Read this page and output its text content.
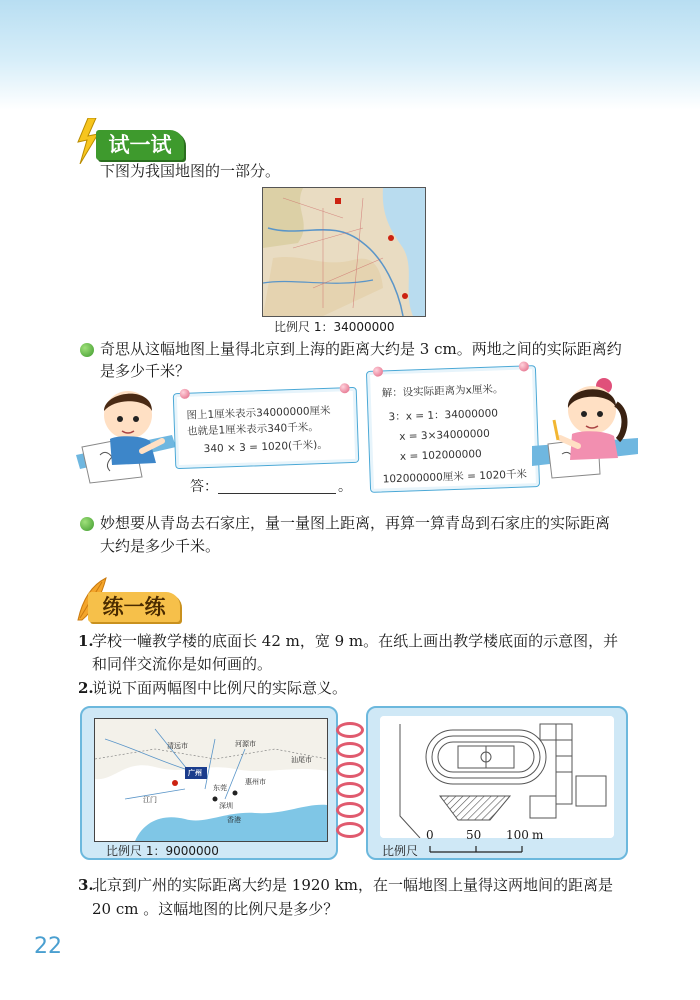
试一试
下图为我国地图的一部分。
比例尺 1：34000000
奇思从这幅地图上量得北京到上海的距离大约是 3 cm。两地之间的实际距离约
是多少千米？
图上1厘米表示34000000厘米
也就是1厘米表示340千米。
340 × 3 = 1020(千米)。
答：	。
解：设实际距离为x厘米。
3：x = 1：34000000
x = 3×34000000
x = 102000000
102000000厘米 = 1020千米
妙想要从青岛去石家庄，量一量图上距离，再算一算青岛到石家庄的实际距离
大约是多少千米。
练一练
1.
学校一幢教学楼的底面长 42 m，宽 9 m。在纸上画出教学楼底面的示意图，并
和同伴交流你是如何画的。
2.
说说下面两幅图中比例尺的实际意义。
广州
河源市
清远市
惠州市
江门
深圳
东莞
香港
汕尾市
比例尺 1：9000000	比例尺
0	50 100 m
3.
北京到广州的实际距离大约是 1920 km，在一幅地图上量得这两地间的距离是
20 cm 。这幅地图的比例尺是多少？
22
